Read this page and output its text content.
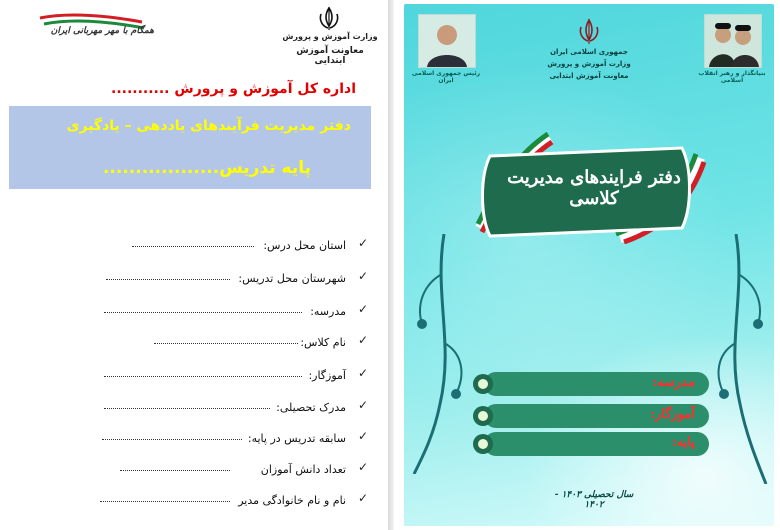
وزارت آموزش و پرورش
معاونت آموزش ابتدایی
همگام با مهر مهربانی ایران
اداره کل آموزش و پرورش ...........
دفتر مدیریت فرآیندهای یاددهی – یادگیری
پایه تدریس..................
✓
استان محل درس:
✓
شهرستان محل تدریس:
✓
مدرسه:
✓
نام کلاس:
✓
آموزگار:
✓
مدرک تحصیلی:
✓
سابقه تدریس در پایه:
✓
تعداد دانش آموزان
✓
نام و نام خانوادگی مدیر
رئیس جمهوری اسلامی ایران
بنیانگذار و رهبر انقلاب اسلامی
جمهوری اسلامی ایران
وزارت آموزش و پرورش
معاونت آموزش ابتدایی
دفتر فرایندهای مدیریت کلاسی
مدرسه:
آموزگار:
پایه:
سال تحصیلی ۱۴۰۳ - ۱۴۰۲
